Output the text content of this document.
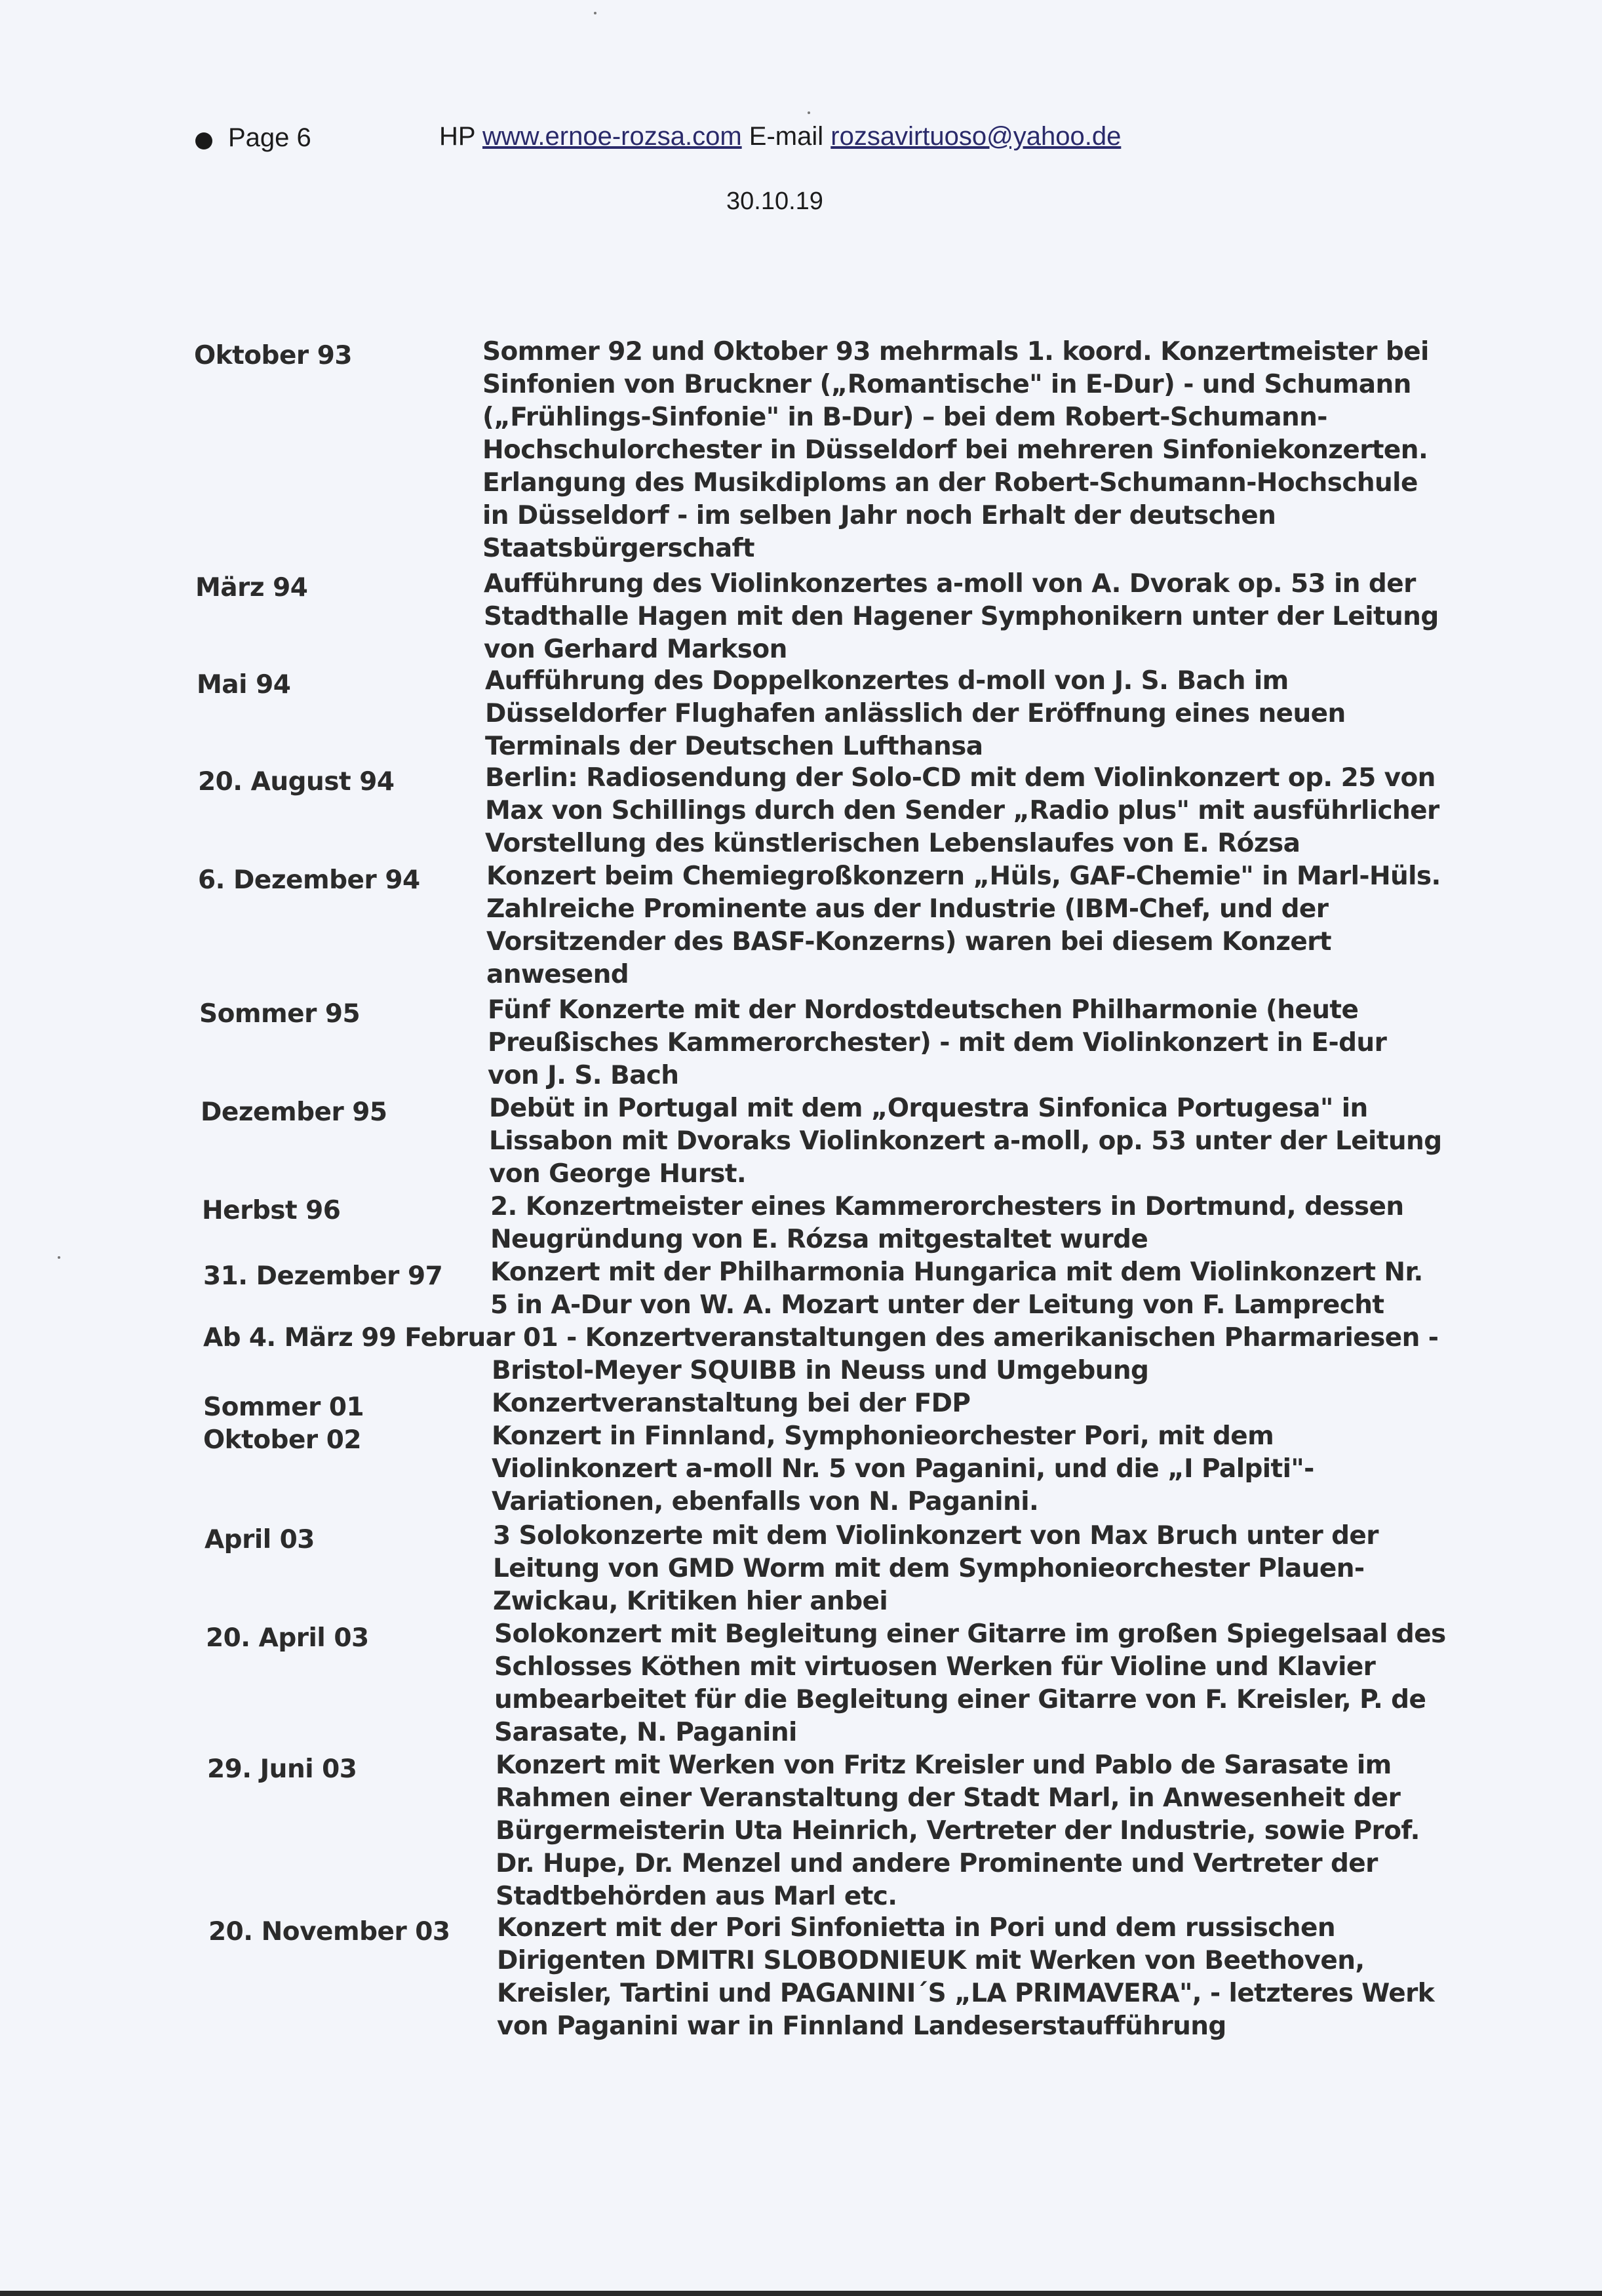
Page 6	HP www.ernoe-rozsa.com E-mail rozsavirtuoso@yahoo.de
30.10.19
Oktober 93	Sommer 92 und Oktober 93 mehrmals 1. koord. Konzertmeister bei Sinfonien von Bruckner („Romantische" in E-Dur) - und Schumann („Frühlings-Sinfonie" in B-Dur) – bei dem Robert-Schumann-Hochschulorchester in Düsseldorf bei mehreren Sinfoniekonzerten. Erlangung des Musikdiploms an der Robert-Schumann-Hochschule in Düsseldorf - im selben Jahr noch Erhalt der deutschen Staatsbürgerschaft
März 94	Aufführung des Violinkonzertes a-moll von A. Dvorak op. 53 in der Stadthalle Hagen mit den Hagener Symphonikern unter der Leitung von Gerhard Markson
Mai 94	Aufführung des Doppelkonzertes d-moll von J. S. Bach im Düsseldorfer Flughafen anlässlich der Eröffnung eines neuen Terminals der Deutschen Lufthansa
20. August 94	Berlin: Radiosendung der Solo-CD mit dem Violinkonzert op. 25 von Max von Schillings durch den Sender „Radio plus" mit ausführlicher Vorstellung des künstlerischen Lebenslaufes von E. Rózsa
6. Dezember 94	Konzert beim Chemiegroßkonzern „Hüls, GAF-Chemie" in Marl-Hüls. Zahlreiche Prominente aus der Industrie (IBM-Chef, und der Vorsitzender des BASF-Konzerns) waren bei diesem Konzert anwesend
Sommer 95	Fünf Konzerte mit der Nordostdeutschen Philharmonie (heute Preußisches Kammerorchester) - mit dem Violinkonzert in E-dur von J. S. Bach
Dezember 95	Debüt in Portugal mit dem „Orquestra Sinfonica Portugesa" in Lissabon mit Dvoraks Violinkonzert a-moll, op. 53 unter der Leitung von George Hurst.
Herbst 96	2. Konzertmeister eines Kammerorchesters in Dortmund, dessen Neugründung von E. Rózsa mitgestaltet wurde
31. Dezember 97 Konzert mit der Philharmonia Hungarica mit dem Violinkonzert Nr. 5 in A-Dur von W. A. Mozart unter der Leitung von F. Lamprecht
Ab 4. März 99 Februar 01 - Konzertveranstaltungen des amerikanischen Pharmariesen -
Bristol-Meyer SQUIBB in Neuss und Umgebung
Sommer 01	Konzertveranstaltung bei der FDP
Oktober 02	Konzert in Finnland, Symphonieorchester Pori, mit dem Violinkonzert a-moll Nr. 5 von Paganini, und die „I Palpiti"-Variationen, ebenfalls von N. Paganini.
April 03	3 Solokonzerte mit dem Violinkonzert von Max Bruch unter der Leitung von GMD Worm mit dem Symphonieorchester Plauen-Zwickau, Kritiken hier anbei
20. April 03	Solokonzert mit Begleitung einer Gitarre im großen Spiegelsaal des Schlosses Köthen mit virtuosen Werken für Violine und Klavier umbearbeitet für die Begleitung einer Gitarre von F. Kreisler, P. de Sarasate, N. Paganini
29. Juni 03	Konzert mit Werken von Fritz Kreisler und Pablo de Sarasate im Rahmen einer Veranstaltung der Stadt Marl, in Anwesenheit der Bürgermeisterin Uta Heinrich, Vertreter der Industrie, sowie Prof. Dr. Hupe, Dr. Menzel und andere Prominente und Vertreter der Stadtbehörden aus Marl etc.
20. November 03 Konzert mit der Pori Sinfonietta in Pori und dem russischen Dirigenten DMITRI SLOBODNIEUK mit Werken von Beethoven, Kreisler, Tartini und PAGANINI´S „LA PRIMAVERA", - letzteres Werk von Paganini war in Finnland Landeserstaufführung
